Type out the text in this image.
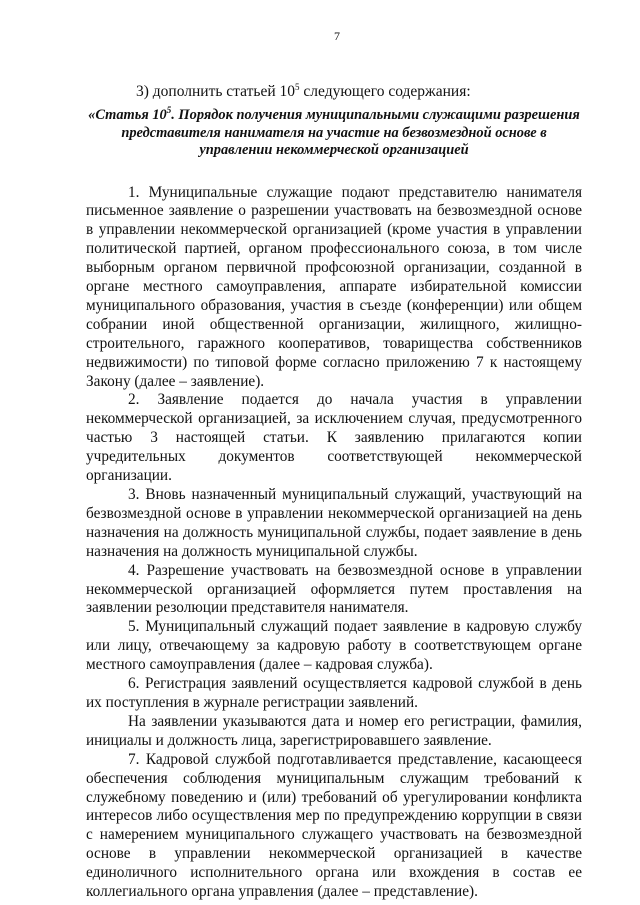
7
3) дополнить статьей $10^5$ следующего содержания:
«Статья $10^5$. Порядок получения муниципальными служащими разрешения представителя нанимателя на участие на безвозмездной основе в управлении некоммерческой организацией

1. Муниципальные служащие подают представителю нанимателя письменное заявление о разрешении участвовать на безвозмездной основе в управлении некоммерческой организацией (кроме участия в управлении политической партией, органом профессионального союза, в том числе выборным органом первичной профсоюзной организации, созданной в органе местного самоуправления, аппарате избирательной комиссии муниципального образования, участия в съезде (конференции) или общем собрании иной общественной организации, жилищного, жилищно-строительного, гаражного кооперативов, товарищества собственников недвижимости) по типовой форме согласно приложению 7 к настоящему Закону (далее – заявление).

2. Заявление подается до начала участия в управлении некоммерческой организацией, за исключением случая, предусмотренного частью 3 настоящей статьи. К заявлению прилагаются копии учредительных документов соответствующей некоммерческой организации.

3. Вновь назначенный муниципальный служащий, участвующий на безвозмездной основе в управлении некоммерческой организацией на день назначения на должность муниципальной службы, подает заявление в день назначения на должность муниципальной службы.

4. Разрешение участвовать на безвозмездной основе в управлении некоммерческой организацией оформляется путем проставления на заявлении резолюции представителя нанимателя.

5. Муниципальный служащий подает заявление в кадровую службу или лицу, отвечающему за кадровую работу в соответствующем органе местного самоуправления (далее – кадровая служба).

6. Регистрация заявлений осуществляется кадровой службой в день их поступления в журнале регистрации заявлений.

На заявлении указываются дата и номер его регистрации, фамилия, инициалы и должность лица, зарегистрировавшего заявление.

7. Кадровой службой подготавливается представление, касающееся обеспечения соблюдения муниципальным служащим требований к служебному поведению и (или) требований об урегулировании конфликта интересов либо осуществления мер по предупреждению коррупции в связи с намерением муниципального служащего участвовать на безвозмездной основе в управлении некоммерческой организацией в качестве единоличного исполнительного органа или вхождения в состав ее коллегиального органа управления (далее – представление).
